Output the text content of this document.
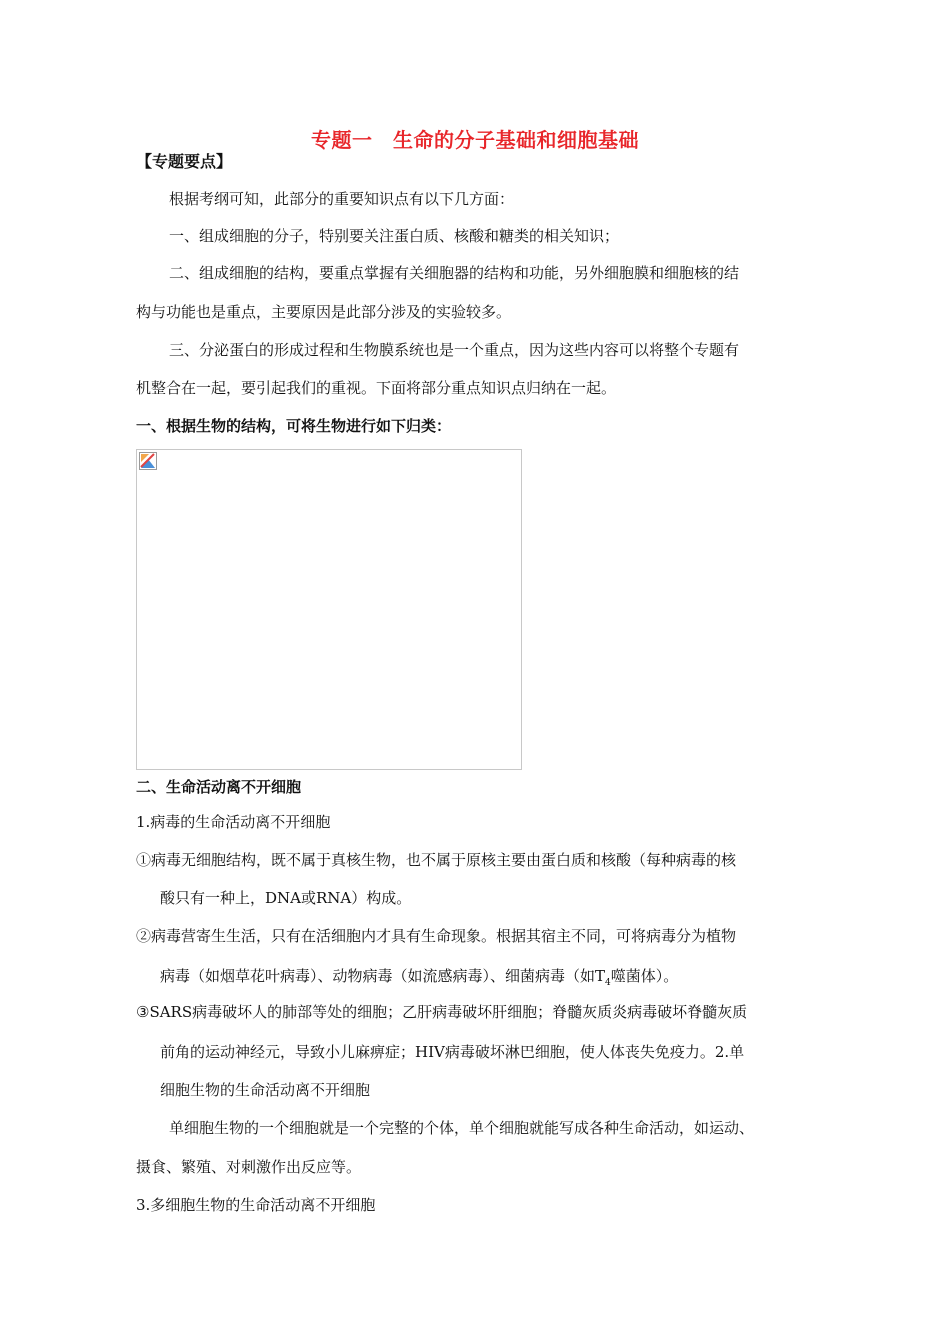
专题一　生命的分子基础和细胞基础
【专题要点】
根据考纲可知，此部分的重要知识点有以下几方面：
一、组成细胞的分子，特别要关注蛋白质、核酸和糖类的相关知识；
二、组成细胞的结构，要重点掌握有关细胞器的结构和功能，另外细胞膜和细胞核的结
构与功能也是重点，主要原因是此部分涉及的实验较多。
三、分泌蛋白的形成过程和生物膜系统也是一个重点，因为这些内容可以将整个专题有
机整合在一起，要引起我们的重视。下面将部分重点知识点归纳在一起。
一、根据生物的结构，可将生物进行如下归类：
二、生命活动离不开细胞
1.病毒的生命活动离不开细胞
①病毒无细胞结构，既不属于真核生物，也不属于原核主要由蛋白质和核酸（每种病毒的核
酸只有一种上，DNA或RNA）构成。
②病毒营寄生生活，只有在活细胞内才具有生命现象。根据其宿主不同，可将病毒分为植物
病毒（如烟草花叶病毒）、动物病毒（如流感病毒）、细菌病毒（如$T_4$噬菌体）。
③SARS病毒破坏人的肺部等处的细胞；乙肝病毒破坏肝细胞；脊髓灰质炎病毒破坏脊髓灰质
前角的运动神经元，导致小儿麻痹症；HIV病毒破坏淋巴细胞，使人体丧失免疫力。2.单
细胞生物的生命活动离不开细胞
单细胞生物的一个细胞就是一个完整的个体，单个细胞就能写成各种生命活动，如运动、
摄食、繁殖、对刺激作出反应等。
3.多细胞生物的生命活动离不开细胞
